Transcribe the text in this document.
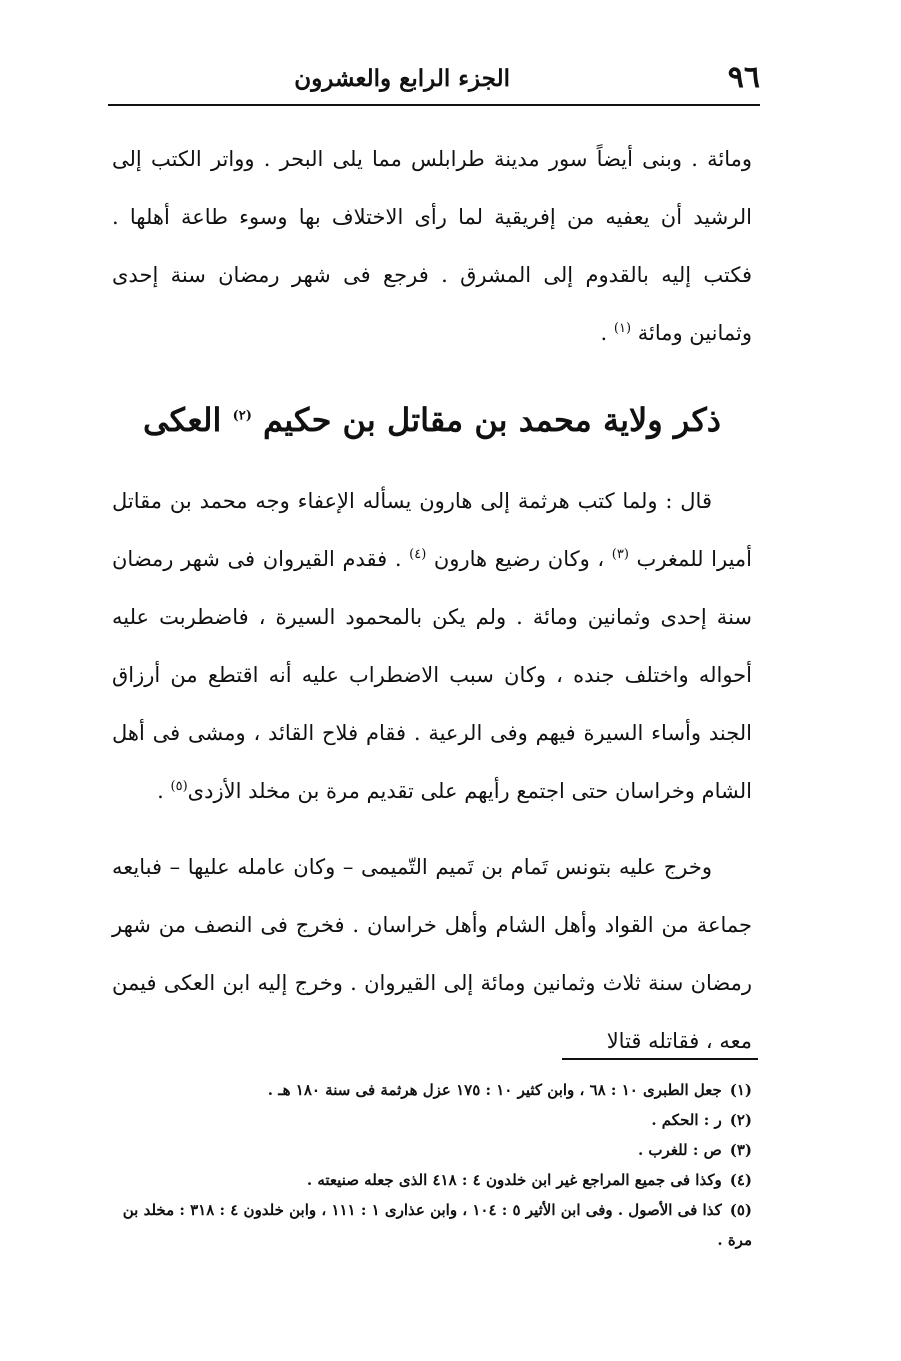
٩٦
الجزء الرابع والعشرون

ومائة . وبنى أيضاً سور مدينة طرابلس مما يلى البحر . وواتر الكتب إلى الرشيد أن يعفيه من إفريقية لما رأى الاختلاف بها وسوء طاعة أهلها . فكتب إليه بالقدوم إلى المشرق . فرجع فى شهر رمضان سنة إحدى وثمانين ومائة $^{(١)}$ .

ذكر ولاية محمد بن مقاتل بن حكيم $^{(٢)}$ العكى

قال : ولما كتب هرثمة إلى هارون يسأله الإعفاء وجه محمد بن مقاتل أميرا للمغرب $^{(٣)}$ ، وكان رضيع هارون $^{(٤)}$ . فقدم القيروان فى شهر رمضان سنة إحدى وثمانين ومائة . ولم يكن بالمحمود السيرة ، فاضطربت عليه أحواله واختلف جنده ، وكان سبب الاضطراب عليه أنه اقتطع من أرزاق الجند وأساء السيرة فيهم وفى الرعية . فقام فلاح القائد ، ومشى فى أهل الشام وخراسان حتى اجتمع رأيهم على تقديم مرة بن مخلد الأزدى$^{(٥)}$ .

وخرج عليه بتونس تَمام بن تَميم التّميمى – وكان عامله عليها – فبايعه جماعة من القواد وأهل الشام وأهل خراسان . فخرج فى النصف من شهر رمضان سنة ثلاث وثمانين ومائة إلى القيروان . وخرج إليه ابن العكى فيمن معه ، فقاتله قتالا

(١)جعل الطبرى ١٠ : ٦٨ ، وابن كثير ١٠ : ١٧٥ عزل هرثمة فى سنة ١٨٠ هـ .
(٢)ر : الحكم .
(٣)ص : للغرب .
(٤)وكذا فى جميع المراجع غير ابن خلدون ٤ : ٤١٨ الذى جعله صنيعته .
(٥)كذا فى الأصول . وفى ابن الأثير ٥ : ١٠٤ ، وابن عذارى ١ : ١١١ ، وابن خلدون ٤ : ٣١٨ : مخلد بن مرة .
